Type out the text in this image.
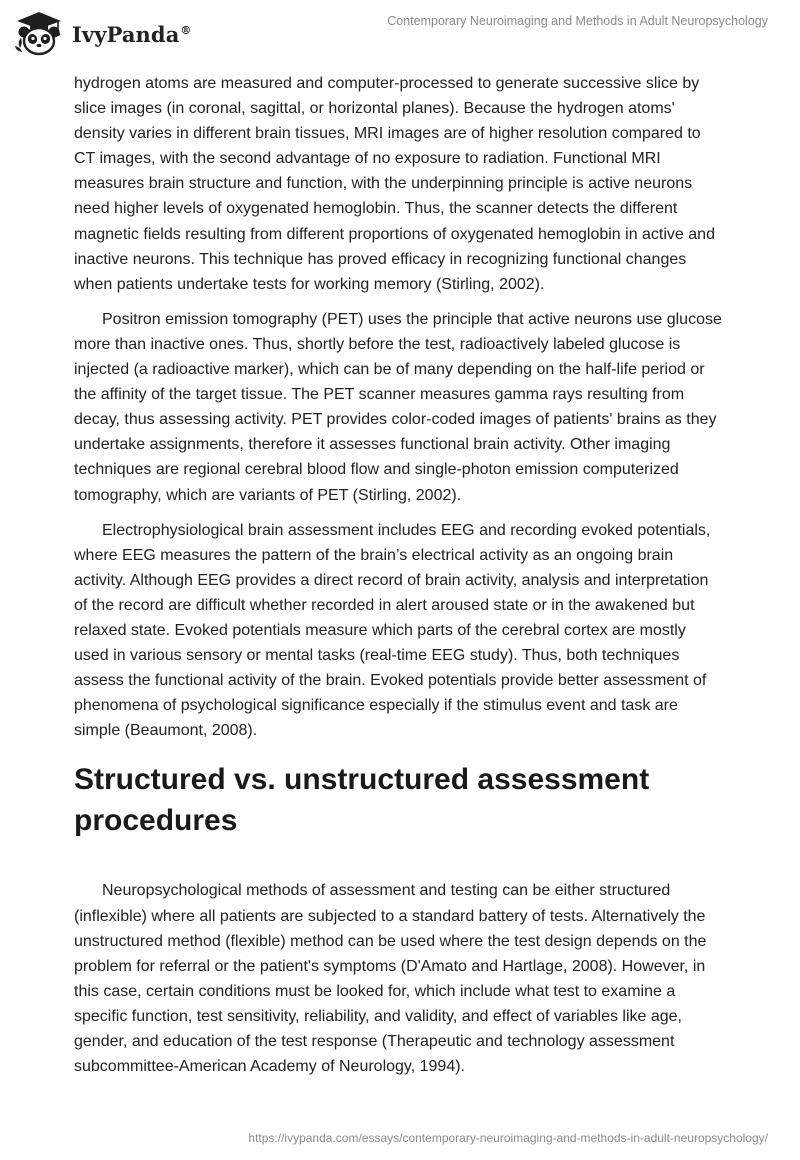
IvyPanda®
Contemporary Neuroimaging and Methods in Adult Neuropsychology

hydrogen atoms are measured and computer-processed to generate successive slice by slice images (in coronal, sagittal, or horizontal planes). Because the hydrogen atoms' density varies in different brain tissues, MRI images are of higher resolution compared to CT images, with the second advantage of no exposure to radiation. Functional MRI measures brain structure and function, with the underpinning principle is active neurons need higher levels of oxygenated hemoglobin. Thus, the scanner detects the different magnetic fields resulting from different proportions of oxygenated hemoglobin in active and inactive neurons. This technique has proved efficacy in recognizing functional changes when patients undertake tests for working memory (Stirling, 2002).

Positron emission tomography (PET) uses the principle that active neurons use glucose more than inactive ones. Thus, shortly before the test, radioactively labeled glucose is injected (a radioactive marker), which can be of many depending on the half-life period or the affinity of the target tissue. The PET scanner measures gamma rays resulting from decay, thus assessing activity. PET provides color-coded images of patients' brains as they undertake assignments, therefore it assesses functional brain activity. Other imaging techniques are regional cerebral blood flow and single-photon emission computerized tomography, which are variants of PET (Stirling, 2002).

Electrophysiological brain assessment includes EEG and recording evoked potentials, where EEG measures the pattern of the brain’s electrical activity as an ongoing brain activity. Although EEG provides a direct record of brain activity, analysis and interpretation of the record are difficult whether recorded in alert aroused state or in the awakened but relaxed state. Evoked potentials measure which parts of the cerebral cortex are mostly used in various sensory or mental tasks (real-time EEG study). Thus, both techniques assess the functional activity of the brain. Evoked potentials provide better assessment of phenomena of psychological significance especially if the stimulus event and task are simple (Beaumont, 2008).

Structured vs. unstructured assessment procedures

Neuropsychological methods of assessment and testing can be either structured (inflexible) where all patients are subjected to a standard battery of tests. Alternatively the unstructured method (flexible) method can be used where the test design depends on the problem for referral or the patient's symptoms (D'Amato and Hartlage, 2008). However, in this case, certain conditions must be looked for, which include what test to examine a specific function, test sensitivity, reliability, and validity, and effect of variables like age, gender, and education of the test response (Therapeutic and technology assessment subcommittee-American Academy of Neurology, 1994).

https://ivypanda.com/essays/contemporary-neuroimaging-and-methods-in-adult-neuropsychology/
